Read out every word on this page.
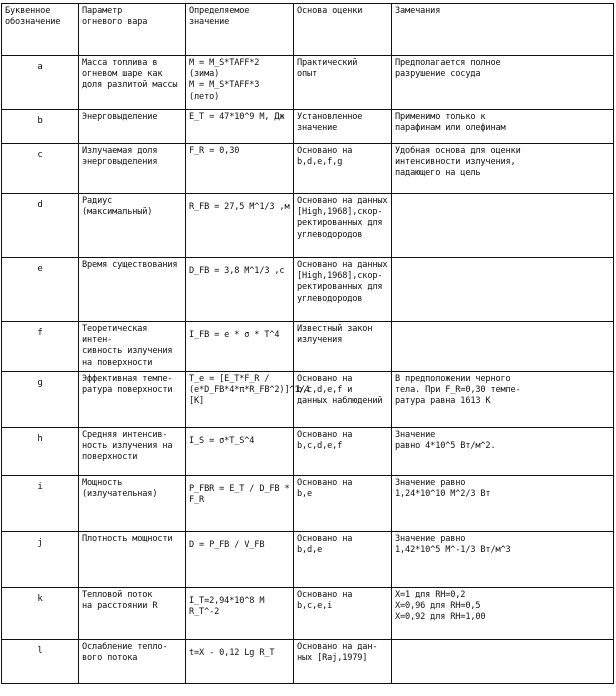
Буквенное
обозначение	Параметр
огневого вара	Определяемое
значение	Основа оценки	Замечания
a	Масса топлива в
огневом шаре как
доля разлитой массы	M = M_S*TAFF*2 (зима)
M = M_S*TAFF*3 (лето)	Практический
опыт	Предполагается полное
разрушение сосуда
b	Энерговыделение	E_T = 47*10^9 M, Дж	Установленное
значение	Применимо только к
парафинам или олефинам
c	Излучаемая доля
энерговыделения	F_R = 0,30	Основано на
b,d,e,f,g	Удобная основа для оценки
интенсивности излучения,
падающего на цель
d	Радиус
(максимальный)	R_FB = 27,5 M^1/3 ,м	Основано на данных
[High,1968],скор-
ректированных для
углеводородов	
e	Время существования	D_FB = 3,8 M^1/3 ,с	Основано на данных
[High,1968],скор-
ректированных для
углеводородов	
f	Теоретическая интен-
сивность излучения
на поверхности	I_FB = e * σ * T^4	Известный закон
излучения	
g	Эффективная темпе-
ратура поверхности	T_e = [E_T*F_R / (e*D_FB*4*π*R_FB^2)]^1/4 [K]	Основано на
b,c,d,e,f и
данных наблюдений	В предположении черного
тела. При F_R=0,30 темпе-
ратура равна 1613 K
h	Средняя интенсив-
ность излучения на
поверхности	I_S = σ*T_S^4	Основано на
b,c,d,e,f	Значение
равно 4*10^5 Вт/м^2.
i	Мощность
(излучательная)	P_FBR = E_T / D_FB * F_R	Основано на
b,e	Значение равно
1,24*10^10 M^2/3 Вт
j	Плотность мощности	D = P_FB / V_FB	Основано на
b,d,e	Значение равно
1,42*10^5 M^-1/3 Вт/м^3
k	Тепловой поток
на расстоянии R	I_T=2,94*10^8 M R_T^-2	Основано на
b,c,e,i	X=1 для RH=0,2
X=0,96 для RH=0,5
X=0,92 для RH=1,00
l	Ослабление тепло-
вого потока	t=X - 0,12 Lg R_T	Основано на дан-
ных [Raj,1979]	
